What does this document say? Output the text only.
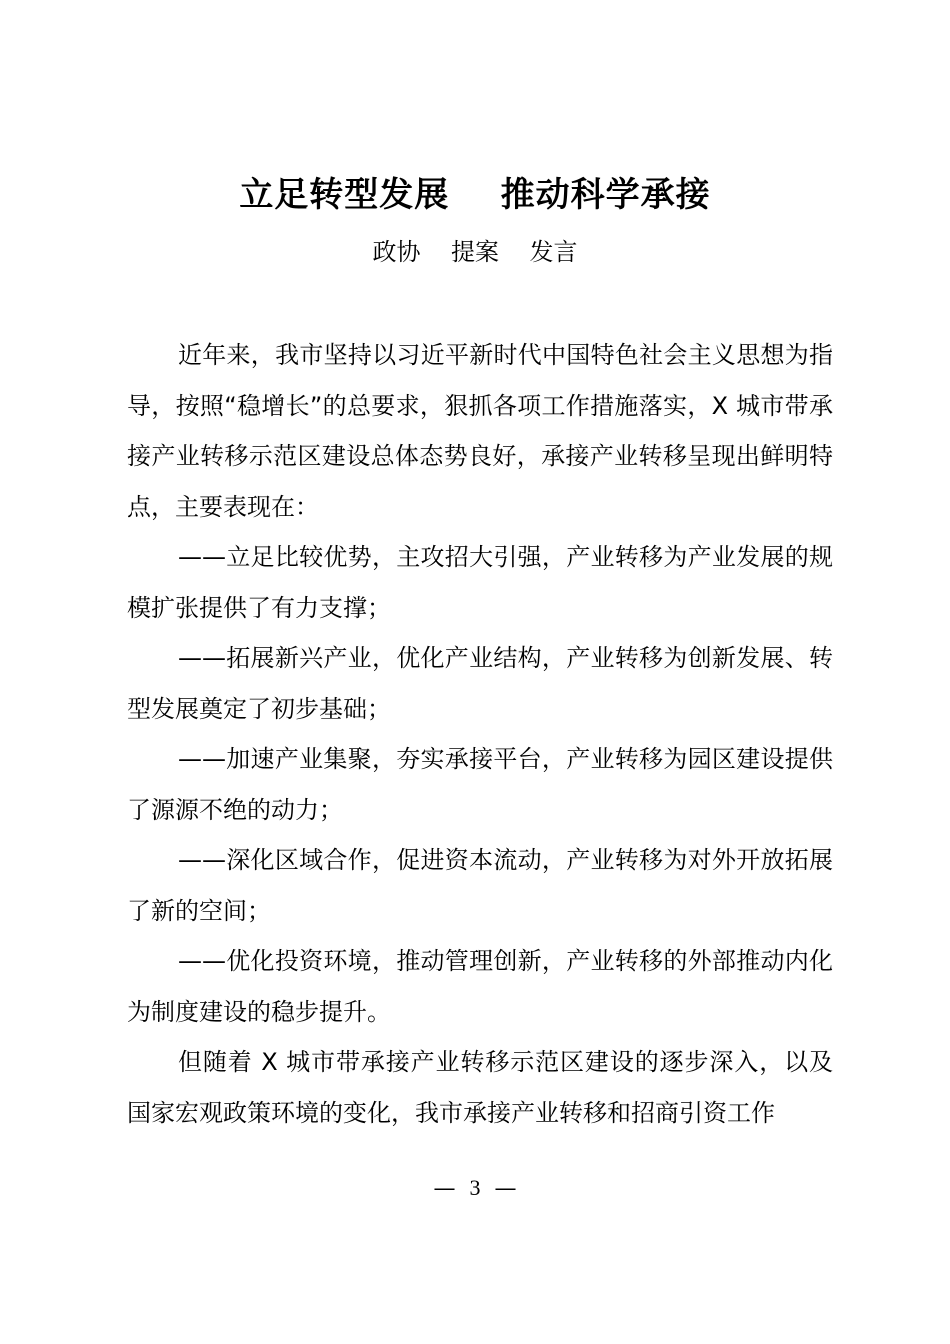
立足转型发展    推动科学承接
政协    提案    发言

近年来，我市坚持以习近平新时代中国特色社会主义思想为指导，按照“稳增长”的总要求，狠抓各项工作措施落实，X 城市带承接产业转移示范区建设总体态势良好，承接产业转移呈现出鲜明特点，主要表现在：

——立足比较优势，主攻招大引强，产业转移为产业发展的规模扩张提供了有力支撑；

——拓展新兴产业，优化产业结构，产业转移为创新发展、转型发展奠定了初步基础；

——加速产业集聚，夯实承接平台，产业转移为园区建设提供了源源不绝的动力；

——深化区域合作，促进资本流动，产业转移为对外开放拓展了新的空间；

——优化投资环境，推动管理创新，产业转移的外部推动内化为制度建设的稳步提升。

但随着 X 城市带承接产业转移示范区建设的逐步深入，以及国家宏观政策环境的变化，我市承接产业转移和招商引资工作

— 3 —
